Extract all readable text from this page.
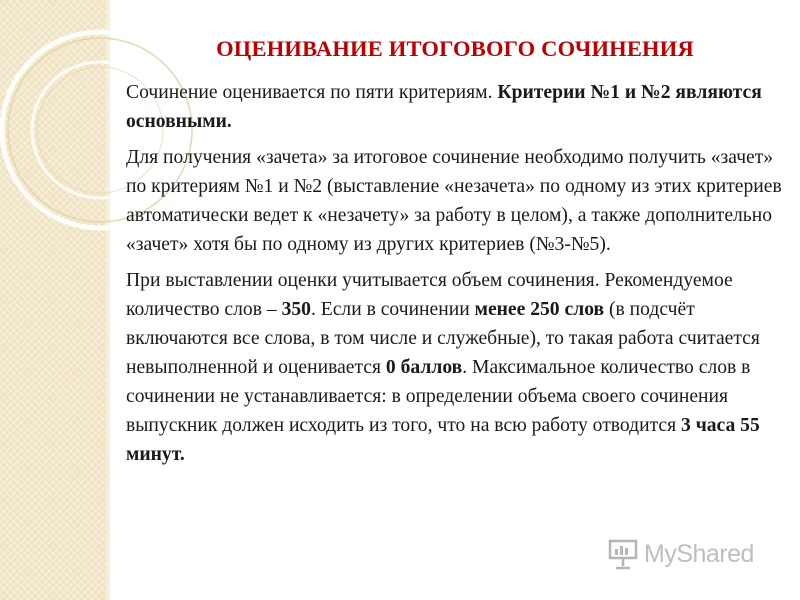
ОЦЕНИВАНИЕ ИТОГОВОГО СОЧИНЕНИЯ

Сочинение оценивается по пяти критериям. Критерии №1 и №2 являются основными.

Для получения «зачета» за итоговое сочинение необходимо получить «зачет» по критериям №1 и №2 (выставление «незачета» по одному из этих критериев автоматически ведет к «незачету» за работу в целом), а также дополнительно «зачет» хотя бы по одному из других критериев (№3-№5).

При выставлении оценки учитывается объем сочинения. Рекомендуемое количество слов – 350. Если в сочинении менее 250 слов (в подсчёт включаются все слова, в том числе и служебные), то такая работа считается невыполненной и оценивается 0 баллов. Максимальное количество слов в сочинении не устанавливается: в определении объема своего сочинения выпускник должен исходить из того, что на всю работу отводится 3 часа 55 минут.

MyShared
